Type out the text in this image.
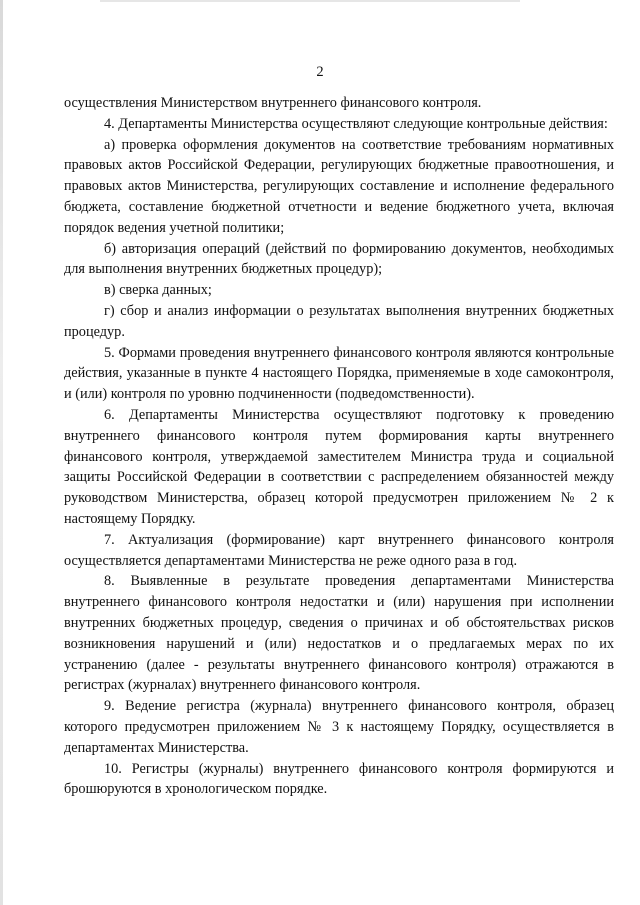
2

осуществления Министерством внутреннего финансового контроля.

4. Департаменты Министерства осуществляют следующие контрольные действия:

а) проверка оформления документов на соответствие требованиям нормативных правовых актов Российской Федерации, регулирующих бюджетные правоотношения, и правовых актов Министерства, регулирующих составление и исполнение федерального бюджета, составление бюджетной отчетности и ведение бюджетного учета, включая порядок ведения учетной политики;

б) авторизация операций (действий по формированию документов, необходимых для выполнения внутренних бюджетных процедур);

в) сверка данных;

г) сбор и анализ информации о результатах выполнения внутренних бюджетных процедур.

5. Формами проведения внутреннего финансового контроля являются контрольные действия, указанные в пункте 4 настоящего Порядка, применяемые в ходе самоконтроля, и (или) контроля по уровню подчиненности (подведомственности).

6. Департаменты Министерства осуществляют подготовку к проведению внутреннего финансового контроля путем формирования карты внутреннего финансового контроля, утверждаемой заместителем Министра труда и социальной защиты Российской Федерации в соответствии с распределением обязанностей между руководством Министерства, образец которой предусмотрен приложением № 2 к настоящему Порядку.

7. Актуализация (формирование) карт внутреннего финансового контроля осуществляется департаментами Министерства не реже одного раза в год.

8. Выявленные в результате проведения департаментами Министерства внутреннего финансового контроля недостатки и (или) нарушения при исполнении внутренних бюджетных процедур, сведения о причинах и об обстоятельствах рисков возникновения нарушений и (или) недостатков и о предлагаемых мерах по их устранению (далее - результаты внутреннего финансового контроля) отражаются в регистрах (журналах) внутреннего финансового контроля.

9. Ведение регистра (журнала) внутреннего финансового контроля, образец которого предусмотрен приложением № 3 к настоящему Порядку, осуществляется в департаментах Министерства.

10. Регистры (журналы) внутреннего финансового контроля формируются и брошюруются в хронологическом порядке.
